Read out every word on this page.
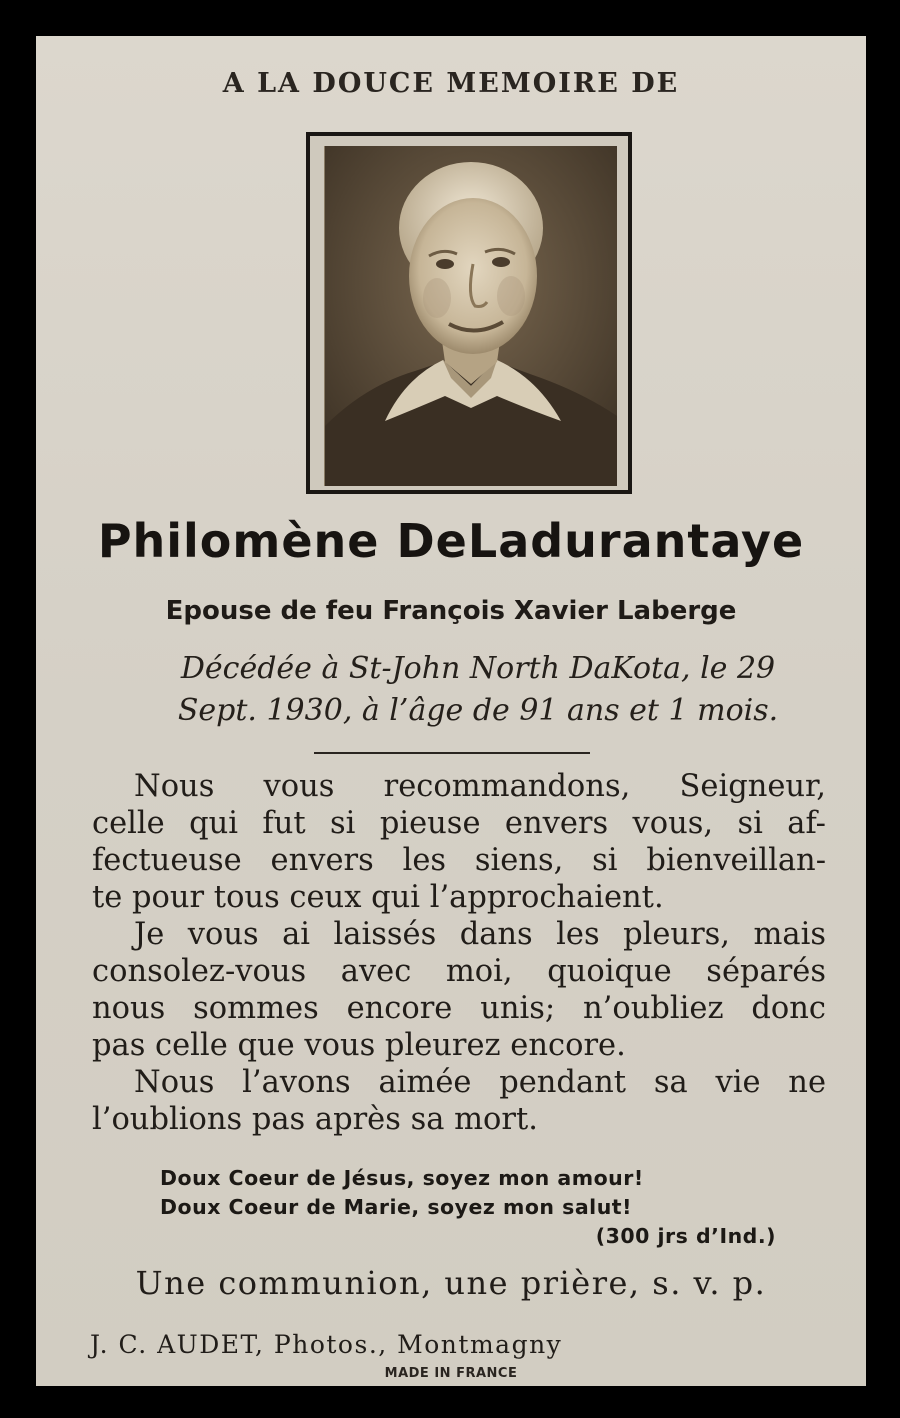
A LA DOUCE MEMOIRE DE
Philomène DeLadurantaye
Epouse de feu François Xavier Laberge
Décédée à St-John North DaKota, le 29
Sept. 1930, à l’âge de 91 ans et 1 mois.

Nous vous recommandons, Seigneur,

celle qui fut si pieuse envers vous, si af-

fectueuse envers les siens, si bienveillan-

te pour tous ceux qui l’approchaient.

Je vous ai laissés dans les pleurs, mais

consolez-vous avec moi, quoique séparés

nous sommes encore unis; n’oubliez donc

pas celle que vous pleurez encore.

Nous l’avons aimée pendant sa vie ne

l’oublions pas après sa mort.

Doux Coeur de Jésus, soyez mon amour!
Doux Coeur de Marie, soyez mon salut!
(300 jrs d’Ind.)
Une communion, une prière, s. v. p.
J. C. AUDET, Photos., Montmagny
MADE IN FRANCE
